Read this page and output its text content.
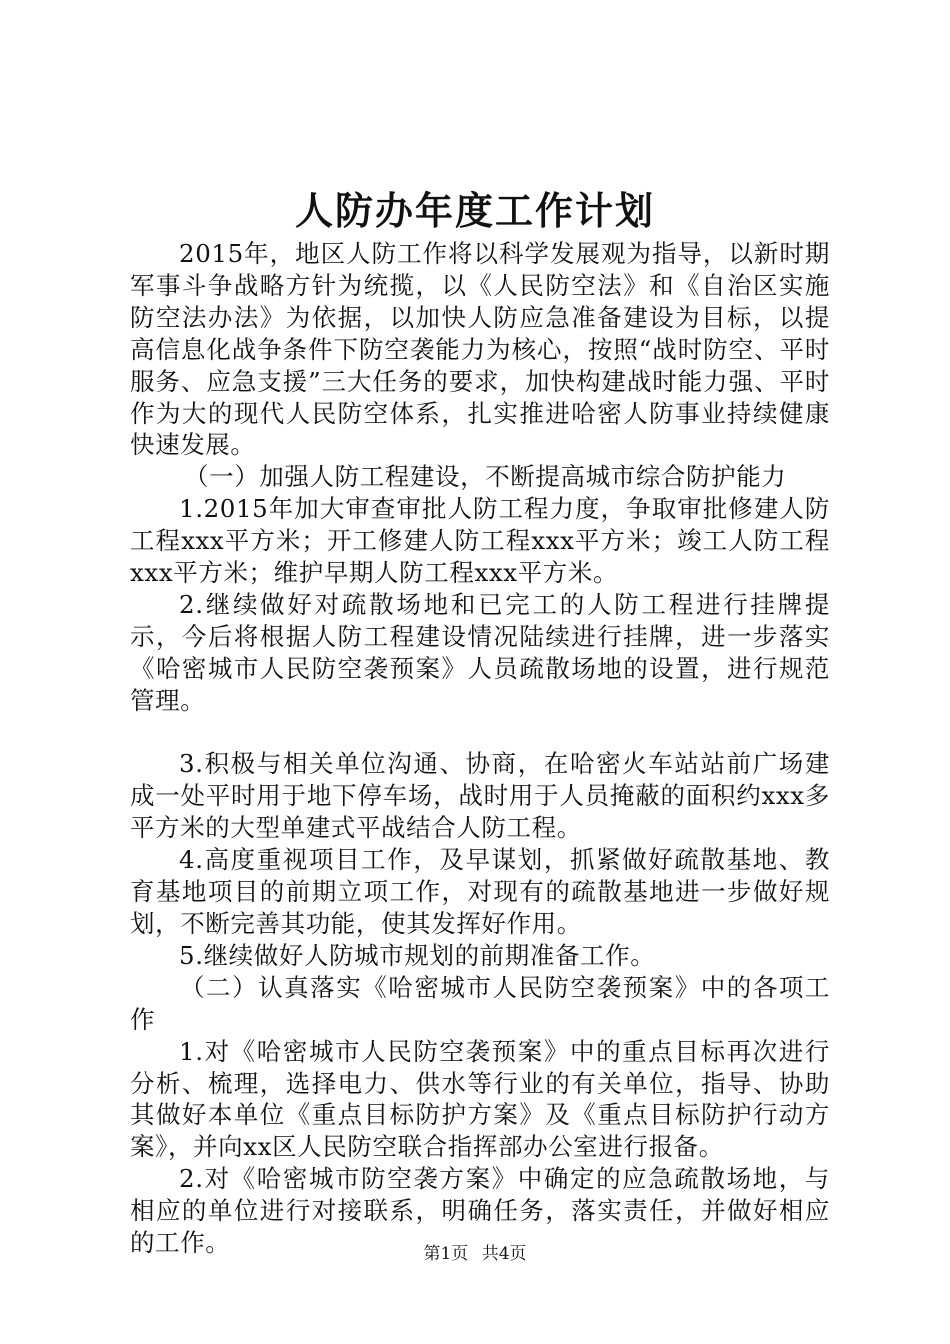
人防办年度工作计划

2015年，地区人防工作将以科学发展观为指导，以新时期军事斗争战略方针为统揽，以《人民防空法》和《自治区实施防空法办法》为依据，以加快人防应急准备建设为目标，以提高信息化战争条件下防空袭能力为核心，按照“战时防空、平时服务、应急支援”三大任务的要求，加快构建战时能力强、平时作为大的现代人民防空体系，扎实推进哈密人防事业持续健康快速发展。

（一）加强人防工程建设，不断提高城市综合防护能力

1.2015年加大审查审批人防工程力度，争取审批修建人防工程xxx平方米；开工修建人防工程xxx平方米；竣工人防工程xxx平方米；维护早期人防工程xxx平方米。

2.继续做好对疏散场地和已完工的人防工程进行挂牌提示，今后将根据人防工程建设情况陆续进行挂牌，进一步落实《哈密城市人民防空袭预案》人员疏散场地的设置，进行规范管理。

3.积极与相关单位沟通、协商，在哈密火车站站前广场建成一处平时用于地下停车场，战时用于人员掩蔽的面积约xxx多平方米的大型单建式平战结合人防工程。

4.高度重视项目工作，及早谋划，抓紧做好疏散基地、教育基地项目的前期立项工作，对现有的疏散基地进一步做好规划，不断完善其功能，使其发挥好作用。

5.继续做好人防城市规划的前期准备工作。

（二）认真落实《哈密城市人民防空袭预案》中的各项工作

1.对《哈密城市人民防空袭预案》中的重点目标再次进行分析、梳理，选择电力、供水等行业的有关单位，指导、协助其做好本单位《重点目标防护方案》及《重点目标防护行动方案》，并向xx区人民防空联合指挥部办公室进行报备。

2.对《哈密城市防空袭方案》中确定的应急疏散场地，与相应的单位进行对接联系，明确任务，落实责任，并做好相应的工作。	第1页 共4页
